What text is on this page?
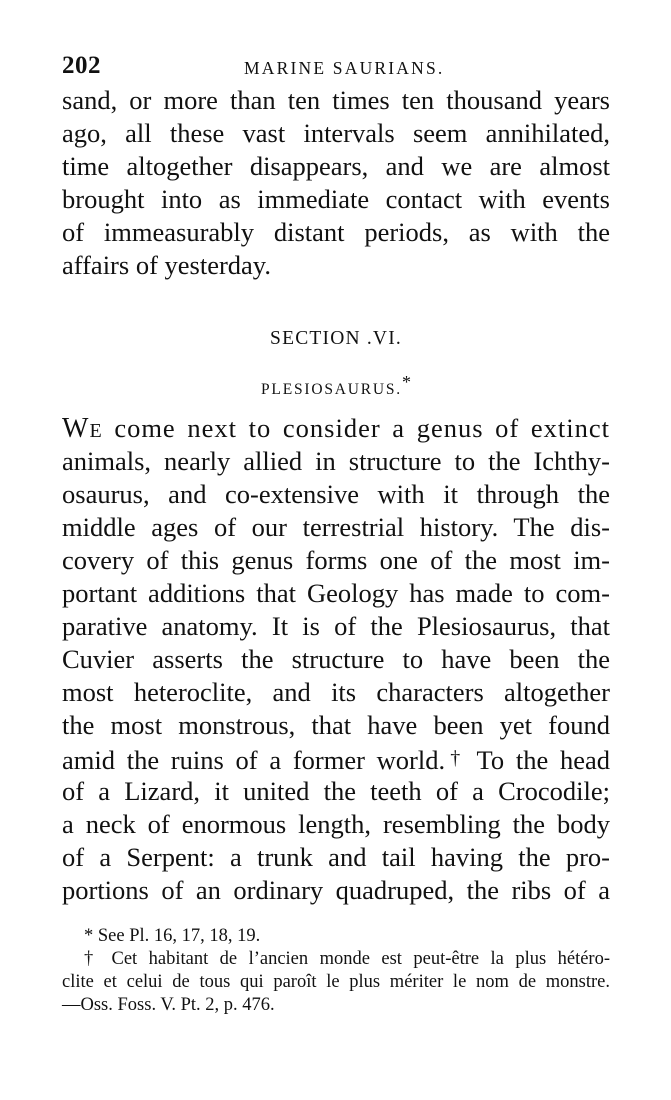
202	MARINE SAURIANS.
sand, or more than ten times ten thousand years
ago, all these vast intervals seem annihilated,
time altogether disappears, and we are almost
brought into as immediate contact with events
of immeasurably distant periods, as with the
affairs of yesterday.
SECTION .VI.
PLESIOSAURUS.*
WE come next to consider a genus of extinct
animals, nearly allied in structure to the Ichthy-
osaurus, and co-extensive with it through the
middle ages of our terrestrial history. The dis-
covery of this genus forms one of the most im-
portant additions that Geology has made to com-
parative anatomy. It is of the Plesiosaurus, that
Cuvier asserts the structure to have been the
most heteroclite, and its characters altogether
the most monstrous, that have been yet found
amid the ruins of a former world.† To the head
of a Lizard, it united the teeth of a Crocodile;
a neck of enormous length, resembling the body
of a Serpent: a trunk and tail having the pro-
portions of an ordinary quadruped, the ribs of a
* See Pl. 16, 17, 18, 19.
† Cet habitant de l’ancien monde est peut-être la plus hétéro-
clite et celui de tous qui paroît le plus mériter le nom de monstre.
—Oss. Foss. V. Pt. 2, p. 476.
